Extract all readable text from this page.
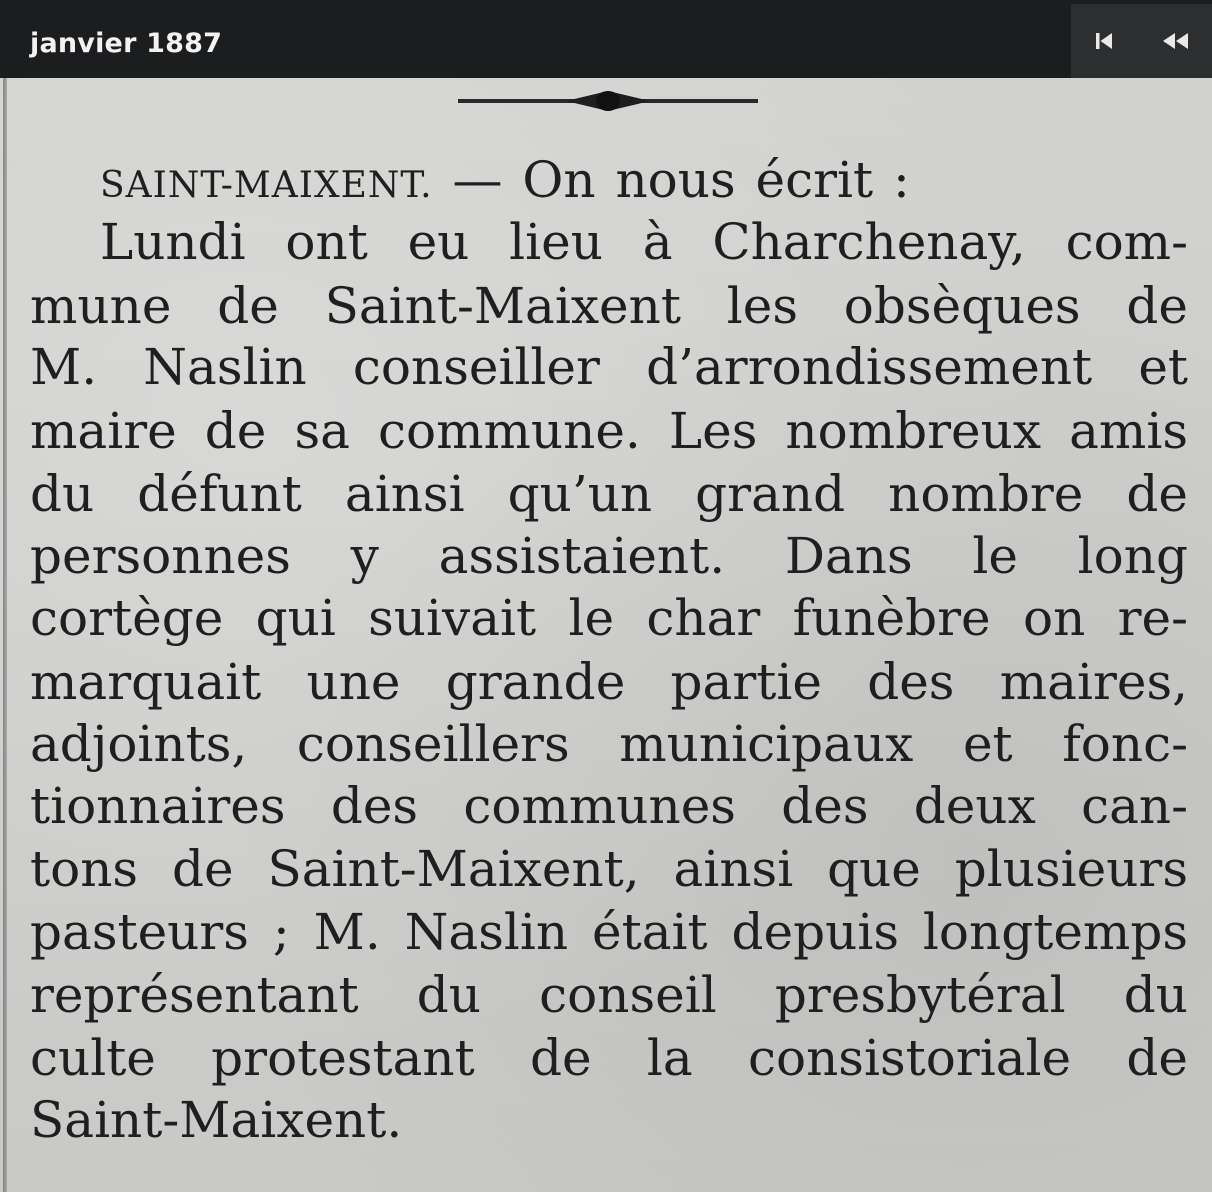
janvier 1887
SAINT-MAIXENT. — On nous écrit :
Lundi ont eu lieu à Charchenay, com-
mune de Saint-Maixent les obsèques de
M. Naslin conseiller d’arrondissement et
maire de sa commune. Les nombreux amis
du défunt ainsi qu’un grand nombre de
personnes y assistaient. Dans le long
cortège qui suivait le char funèbre on re-
marquait une grande partie des maires,
adjoints, conseillers municipaux et fonc-
tionnaires des communes des deux can-
tons de Saint-Maixent, ainsi que plusieurs
pasteurs ; M. Naslin était depuis longtemps
représentant du conseil presbytéral du
culte protestant de la consistoriale de
Saint-Maixent.
